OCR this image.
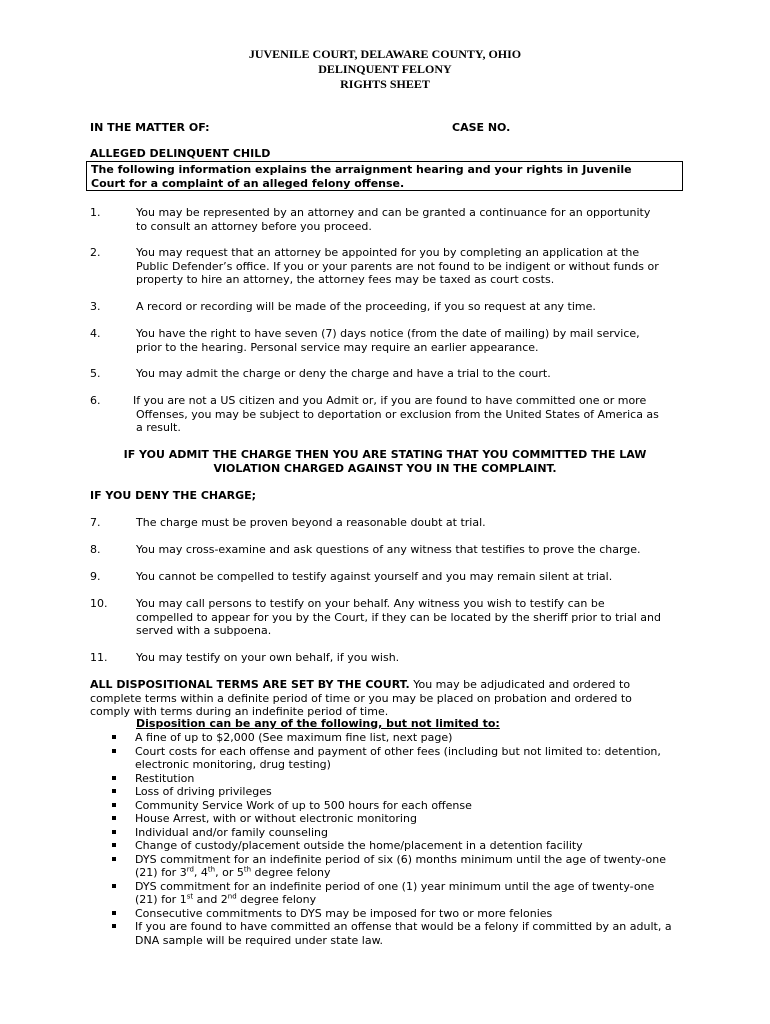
JUVENILE COURT, DELAWARE COUNTY, OHIO
DELINQUENT FELONY
RIGHTS SHEET
IN THE MATTER OF:	CASE NO.
ALLEGED DELINQUENT CHILD
The following information explains the arraignment hearing and your rights in Juvenile
Court for a complaint of an alleged felony offense.
1.	You may be represented by an attorney and can be granted a continuance for an opportunity
to consult an attorney before you proceed.
2.	You may request that an attorney be appointed for you by completing an application at the
Public Defender’s office. If you or your parents are not found to be indigent or without funds or
property to hire an attorney, the attorney fees may be taxed as court costs.
3.	A record or recording will be made of the proceeding, if you so request at any time.
4.	You have the right to have seven (7) days notice (from the date of mailing) by mail service,
prior to the hearing. Personal service may require an earlier appearance.
5.	You may admit the charge or deny the charge and have a trial to the court.
6.	If you are not a US citizen and you Admit or, if you are found to have committed one or more
Offenses, you may be subject to deportation or exclusion from the United States of America as
a result.
IF YOU ADMIT THE CHARGE THEN YOU ARE STATING THAT YOU COMMITTED THE LAW
VIOLATION CHARGED AGAINST YOU IN THE COMPLAINT.
IF YOU DENY THE CHARGE;
7.	The charge must be proven beyond a reasonable doubt at trial.
8.	You may cross-examine and ask questions of any witness that testifies to prove the charge.
9.	You cannot be compelled to testify against yourself and you may remain silent at trial.
10.	You may call persons to testify on your behalf. Any witness you wish to testify can be
compelled to appear for you by the Court, if they can be located by the sheriff prior to trial and
served with a subpoena.
11.	You may testify on your own behalf, if you wish.
ALL DISPOSITIONAL TERMS ARE SET BY THE COURT. You may be adjudicated and ordered to
complete terms within a definite period of time or you may be placed on probation and ordered to
comply with terms during an indefinite period of time.
Disposition can be any of the following, but not limited to:
A fine of up to $2,000 (See maximum fine list, next page)
Court costs for each offense and payment of other fees (including but not limited to: detention,
electronic monitoring, drug testing)
Restitution
Loss of driving privileges
Community Service Work of up to 500 hours for each offense
House Arrest, with or without electronic monitoring
Individual and/or family counseling
Change of custody/placement outside the home/placement in a detention facility
DYS commitment for an indefinite period of six (6) months minimum until the age of twenty-one
(21) for 3rd, 4th, or 5th degree felony
DYS commitment for an indefinite period of one (1) year minimum until the age of twenty-one
(21) for 1st and 2nd degree felony
Consecutive commitments to DYS may be imposed for two or more felonies
If you are found to have committed an offense that would be a felony if committed by an adult, a
DNA sample will be required under state law.
